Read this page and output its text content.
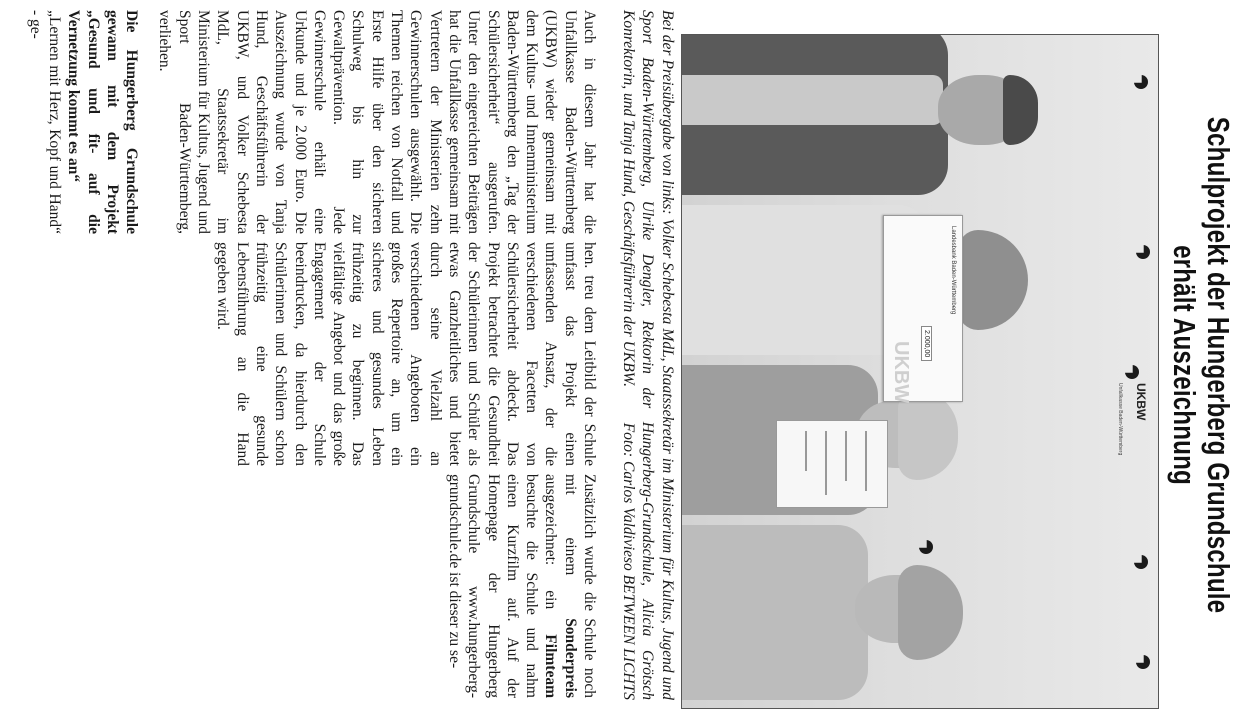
Schulprojekt der Hungerberg Grundschule erhält Auszeichnung
UKBW
Unfallkasse Baden-Württemberg
Landesbank Baden-Württemberg
2.000,00
UKBW
Bei der Preisübergabe von links: Volker Schebesta MdL, Staatssekretär im Ministerium für Kultus, Jugend und Sport Baden-Württemberg, Ulrike Dengler, Rektorin der Hungerberg-Grundschule, Alicia Grötsch Konrektorin, und Tanja Hund, Geschäftsführerin der UKBW.
Foto: Carlos Valdivieso BETWEEN LICHTS

Auch in diesem Jahr hat die Unfallkasse Baden-Württemberg (UKBW) wieder gemeinsam mit dem Kultus- und Innenministerium Baden-Württemberg den „Tag der Schülersicherheit“ ausgerufen. Unter den eingereichten Beiträgen hat die Unfallkasse gemeinsam mit Vertretern der Ministerien zehn Gewinnerschulen ausgewählt. Die Themen reichen von Notfall und Erste Hilfe über den sicheren Schulweg bis hin zur Gewaltprävention. Jede Gewinnerschule erhält eine Urkunde und je 2.000 Euro. Die Auszeichnung wurde von Tanja Hund, Geschäftsführerin der UKBW, und Volker Schebesta MdL, Staatssekretär im Ministerium für Kultus, Jugend und Sport Baden-Württemberg, verliehen.

Die Hungerberg Grundschule gewann mit dem Projekt „Gesund und fit- auf die Vernetzung kommt es an“

„Lernen mit Herz, Kopf und Hand“ - ge-

hen. treu dem Leitbild der Schule umfasst das Projekt einen umfassenden Ansatz, der die verschiedenen Facetten von Schülersicherheit abdeckt. Das Projekt betrachtet die Gesundheit der Schülerinnen und Schüler als etwas Ganzheitliches und bietet durch seine Vielzahl an verschiedenen Angeboten ein großes Repertoire an, um ein sicheres und gesundes Leben frühzeitig zu beginnen. Das vielfältige Angebot und das große Engagement der Schule beeindrucken, da hierdurch den Schülerinnen und Schülern schon frühzeitig eine gesunde Lebensführung an die Hand gegeben wird.

Zusätzlich wurde die Schule noch mit einem Sonderpreis ausgezeichnet: ein Filmteam besuchte die Schule und nahm einen Kurzfilm auf. Auf der Homepage der Hungerberg Grundschule www.hungerberg-grundschule.de ist dieser zu se-
